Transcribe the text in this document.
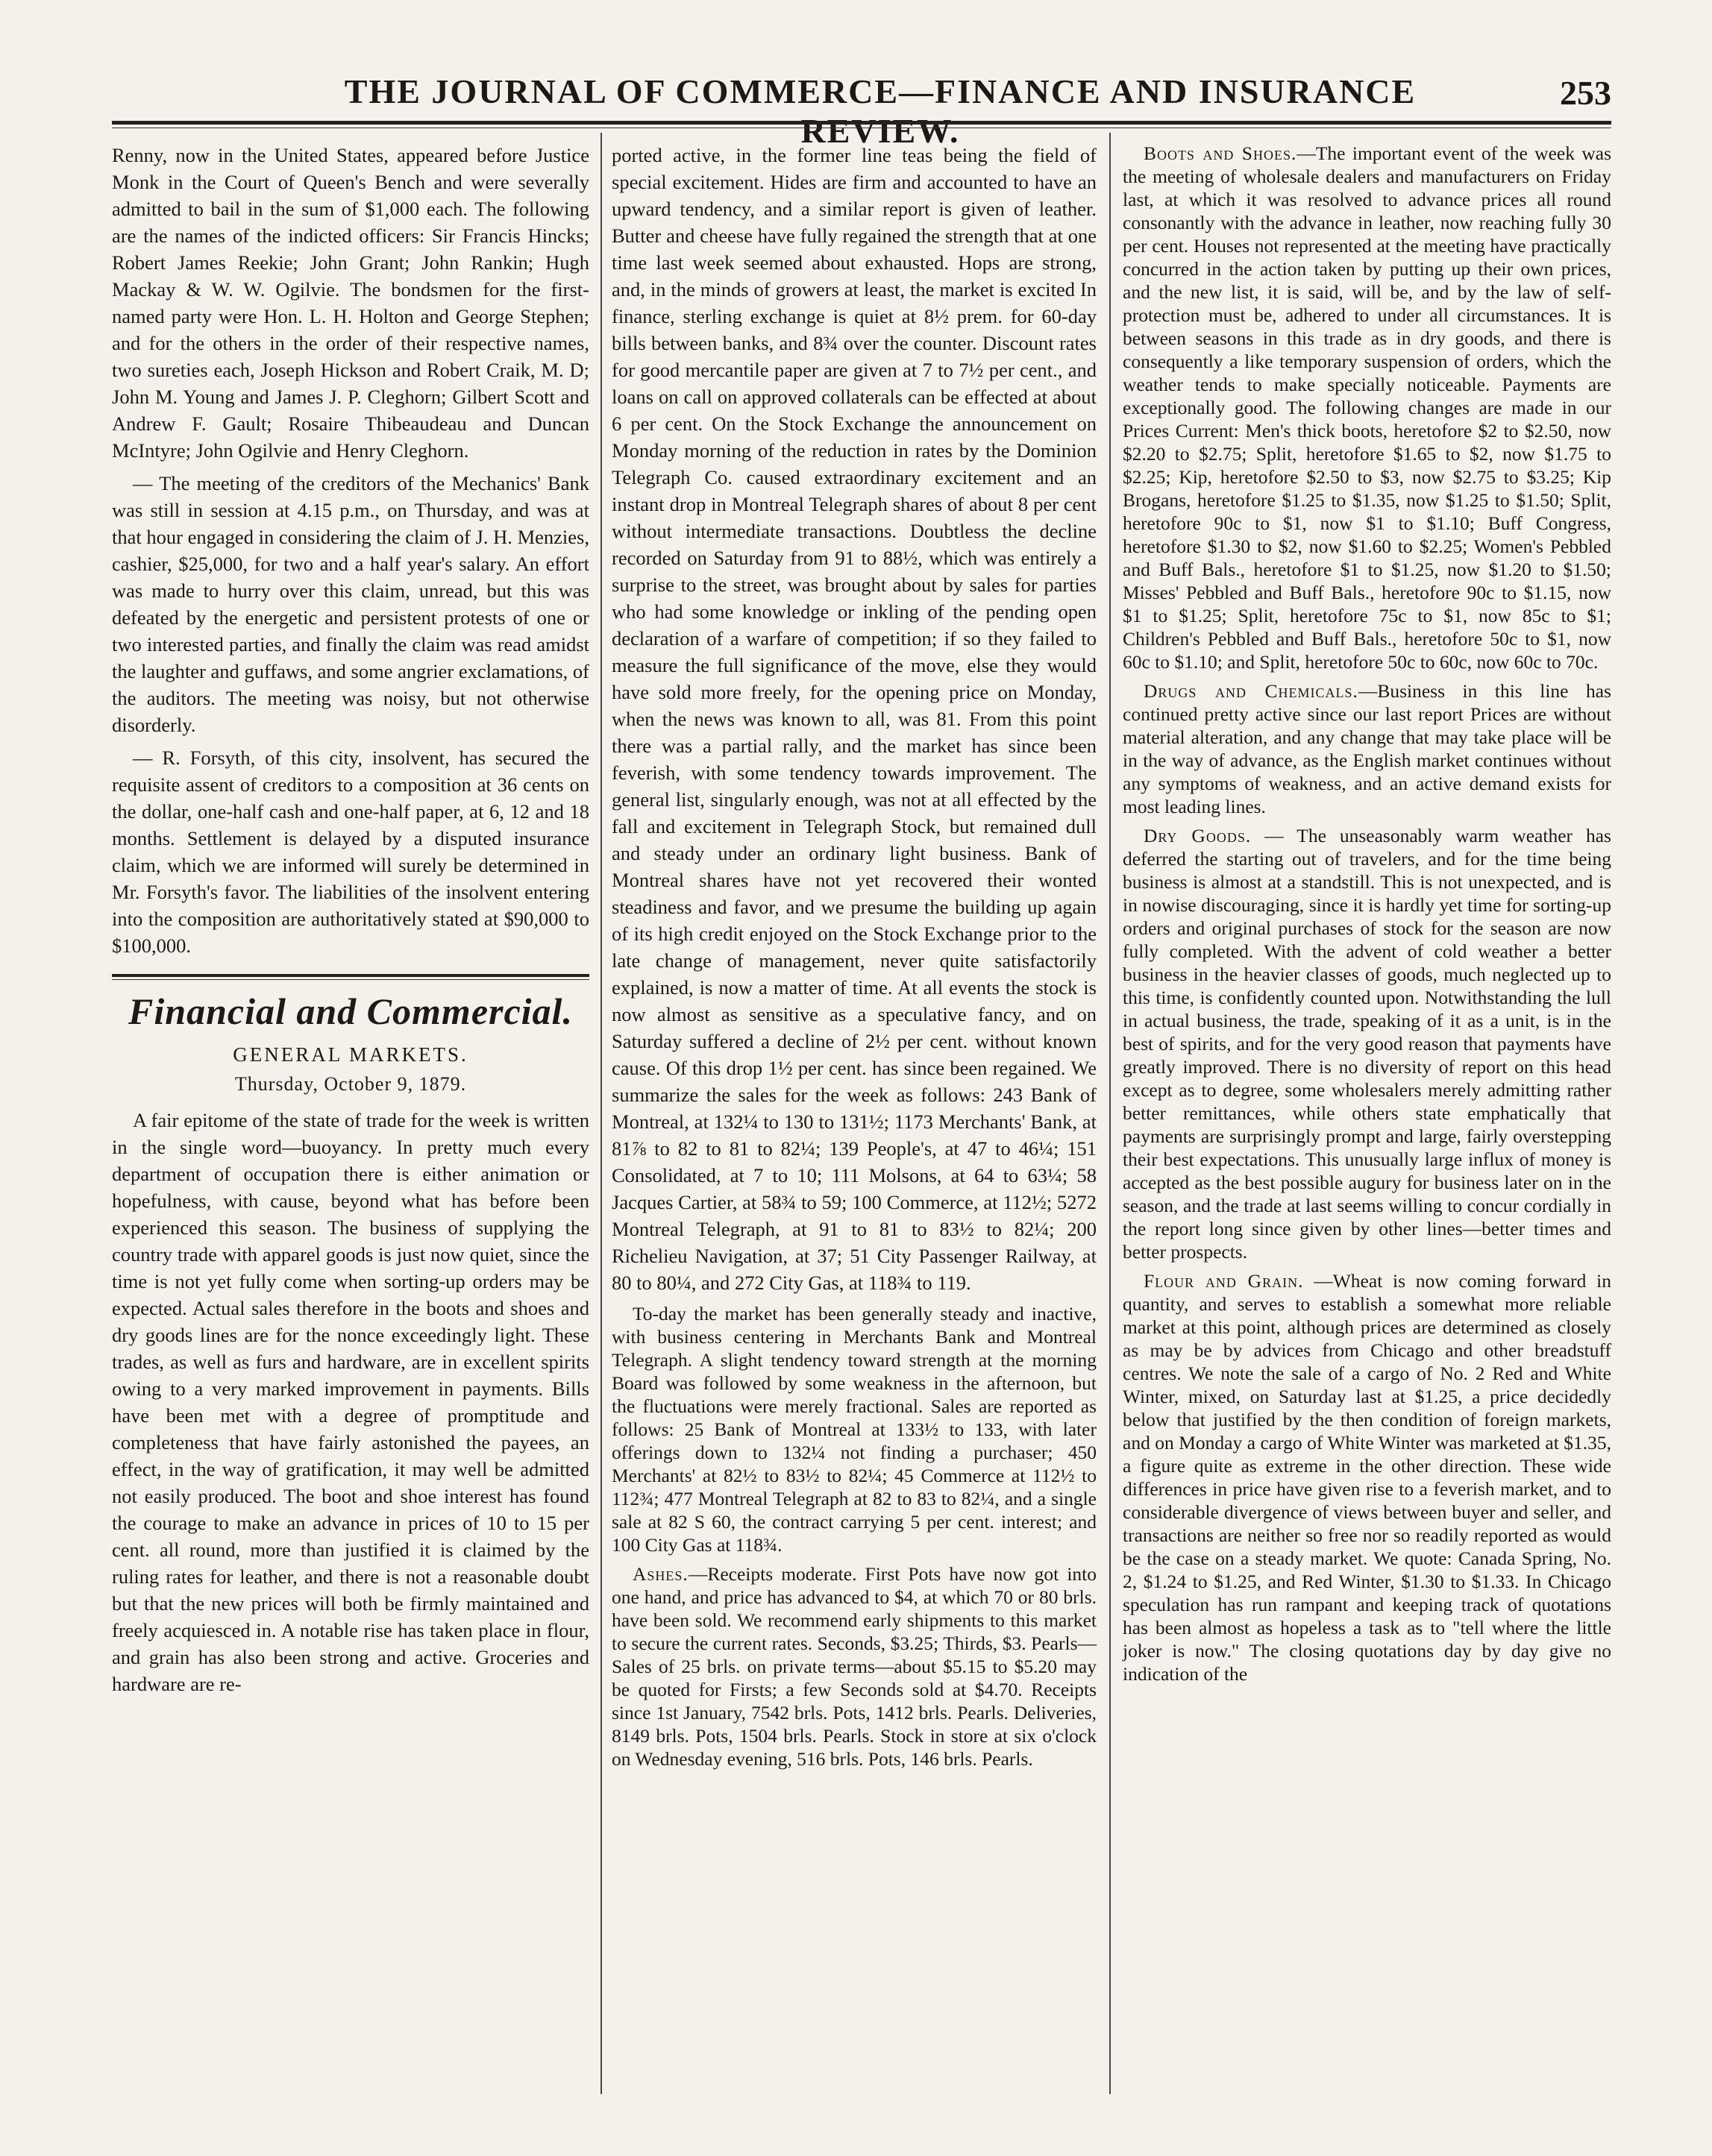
THE JOURNAL OF COMMERCE—FINANCE AND INSURANCE REVIEW.
253

Renny, now in the United States, appeared before Justice Monk in the Court of Queen's Bench and were severally admitted to bail in the sum of $1,000 each. The following are the names of the indicted officers: Sir Francis Hincks; Robert James Reekie; John Grant; John Rankin; Hugh Mackay & W. W. Ogilvie. The bondsmen for the first-named party were Hon. L. H. Holton and George Stephen; and for the others in the order of their respective names, two sureties each, Joseph Hickson and Robert Craik, M. D; John M. Young and James J. P. Cleghorn; Gilbert Scott and Andrew F. Gault; Rosaire Thibeaudeau and Duncan McIntyre; John Ogilvie and Henry Cleghorn.

— The meeting of the creditors of the Mechanics' Bank was still in session at 4.15 p.m., on Thursday, and was at that hour engaged in considering the claim of J. H. Menzies, cashier, $25,000, for two and a half year's salary. An effort was made to hurry over this claim, unread, but this was defeated by the energetic and persistent protests of one or two interested parties, and finally the claim was read amidst the laughter and guffaws, and some angrier exclamations, of the auditors. The meeting was noisy, but not otherwise disorderly.

— R. Forsyth, of this city, insolvent, has secured the requisite assent of creditors to a composition at 36 cents on the dollar, one-half cash and one-half paper, at 6, 12 and 18 months. Settlement is delayed by a disputed insurance claim, which we are informed will surely be determined in Mr. Forsyth's favor. The liabilities of the insolvent entering into the composition are authoritatively stated at $90,000 to $100,000.

Financial and Commercial.
GENERAL MARKETS.
Thursday, October 9, 1879.

A fair epitome of the state of trade for the week is written in the single word—buoyancy. In pretty much every department of occupation there is either animation or hopefulness, with cause, beyond what has before been experienced this season. The business of supplying the country trade with apparel goods is just now quiet, since the time is not yet fully come when sorting-up orders may be expected. Actual sales therefore in the boots and shoes and dry goods lines are for the nonce exceedingly light. These trades, as well as furs and hardware, are in excellent spirits owing to a very marked improvement in payments. Bills have been met with a degree of promptitude and completeness that have fairly astonished the payees, an effect, in the way of gratification, it may well be admitted not easily produced. The boot and shoe interest has found the courage to make an advance in prices of 10 to 15 per cent. all round, more than justified it is claimed by the ruling rates for leather, and there is not a reasonable doubt but that the new prices will both be firmly maintained and freely acquiesced in. A notable rise has taken place in flour, and grain has also been strong and active. Groceries and hardware are re-

ported active, in the former line teas being the field of special excitement. Hides are firm and accounted to have an upward tendency, and a similar report is given of leather. Butter and cheese have fully regained the strength that at one time last week seemed about exhausted. Hops are strong, and, in the minds of growers at least, the market is excited In finance, sterling exchange is quiet at 8½ prem. for 60-day bills between banks, and 8¾ over the counter. Discount rates for good mercantile paper are given at 7 to 7½ per cent., and loans on call on approved collaterals can be effected at about 6 per cent. On the Stock Exchange the announcement on Monday morning of the reduction in rates by the Dominion Telegraph Co. caused extraordinary excitement and an instant drop in Montreal Telegraph shares of about 8 per cent without intermediate transactions. Doubtless the decline recorded on Saturday from 91 to 88½, which was entirely a surprise to the street, was brought about by sales for parties who had some knowledge or inkling of the pending open declaration of a warfare of competition; if so they failed to measure the full significance of the move, else they would have sold more freely, for the opening price on Monday, when the news was known to all, was 81. From this point there was a partial rally, and the market has since been feverish, with some tendency towards improvement. The general list, singularly enough, was not at all effected by the fall and excitement in Telegraph Stock, but remained dull and steady under an ordinary light business. Bank of Montreal shares have not yet recovered their wonted steadiness and favor, and we presume the building up again of its high credit enjoyed on the Stock Exchange prior to the late change of management, never quite satisfactorily explained, is now a matter of time. At all events the stock is now almost as sensitive as a speculative fancy, and on Saturday suffered a decline of 2½ per cent. without known cause. Of this drop 1½ per cent. has since been regained. We summarize the sales for the week as follows: 243 Bank of Montreal, at 132¼ to 130 to 131½; 1173 Merchants' Bank, at 81⅞ to 82 to 81 to 82¼; 139 People's, at 47 to 46¼; 151 Consolidated, at 7 to 10; 111 Molsons, at 64 to 63¼; 58 Jacques Cartier, at 58¾ to 59; 100 Commerce, at 112½; 5272 Montreal Telegraph, at 91 to 81 to 83½ to 82¼; 200 Richelieu Navigation, at 37; 51 City Passenger Railway, at 80 to 80¼, and 272 City Gas, at 118¾ to 119.

To-day the market has been generally steady and inactive, with business centering in Merchants Bank and Montreal Telegraph. A slight tendency toward strength at the morning Board was followed by some weakness in the afternoon, but the fluctuations were merely fractional. Sales are reported as follows: 25 Bank of Montreal at 133½ to 133, with later offerings down to 132¼ not finding a purchaser; 450 Merchants' at 82½ to 83½ to 82¼; 45 Commerce at 112½ to 112¾; 477 Montreal Telegraph at 82 to 83 to 82¼, and a single sale at 82 S 60, the contract carrying 5 per cent. interest; and 100 City Gas at 118¾.

Ashes.—Receipts moderate. First Pots have now got into one hand, and price has advanced to $4, at which 70 or 80 brls. have been sold. We recommend early shipments to this market to secure the current rates. Seconds, $3.25; Thirds, $3. Pearls—Sales of 25 brls. on private terms—about $5.15 to $5.20 may be quoted for Firsts; a few Seconds sold at $4.70. Receipts since 1st January, 7542 brls. Pots, 1412 brls. Pearls. Deliveries, 8149 brls. Pots, 1504 brls. Pearls. Stock in store at six o'clock on Wednesday evening, 516 brls. Pots, 146 brls. Pearls.

Boots and Shoes.—The important event of the week was the meeting of wholesale dealers and manufacturers on Friday last, at which it was resolved to advance prices all round consonantly with the advance in leather, now reaching fully 30 per cent. Houses not represented at the meeting have practically concurred in the action taken by putting up their own prices, and the new list, it is said, will be, and by the law of self-protection must be, adhered to under all circumstances. It is between seasons in this trade as in dry goods, and there is consequently a like temporary suspension of orders, which the weather tends to make specially noticeable. Payments are exceptionally good. The following changes are made in our Prices Current: Men's thick boots, heretofore $2 to $2.50, now $2.20 to $2.75; Split, heretofore $1.65 to $2, now $1.75 to $2.25; Kip, heretofore $2.50 to $3, now $2.75 to $3.25; Kip Brogans, heretofore $1.25 to $1.35, now $1.25 to $1.50; Split, heretofore 90c to $1, now $1 to $1.10; Buff Congress, heretofore $1.30 to $2, now $1.60 to $2.25; Women's Pebbled and Buff Bals., heretofore $1 to $1.25, now $1.20 to $1.50; Misses' Pebbled and Buff Bals., heretofore 90c to $1.15, now $1 to $1.25; Split, heretofore 75c to $1, now 85c to $1; Children's Pebbled and Buff Bals., heretofore 50c to $1, now 60c to $1.10; and Split, heretofore 50c to 60c, now 60c to 70c.

Drugs and Chemicals.—Business in this line has continued pretty active since our last report Prices are without material alteration, and any change that may take place will be in the way of advance, as the English market continues without any symptoms of weakness, and an active demand exists for most leading lines.

Dry Goods. — The unseasonably warm weather has deferred the starting out of travelers, and for the time being business is almost at a standstill. This is not unexpected, and is in nowise discouraging, since it is hardly yet time for sorting-up orders and original purchases of stock for the season are now fully completed. With the advent of cold weather a better business in the heavier classes of goods, much neglected up to this time, is confidently counted upon. Notwithstanding the lull in actual business, the trade, speaking of it as a unit, is in the best of spirits, and for the very good reason that payments have greatly improved. There is no diversity of report on this head except as to degree, some wholesalers merely admitting rather better remittances, while others state emphatically that payments are surprisingly prompt and large, fairly overstepping their best expectations. This unusually large influx of money is accepted as the best possible augury for business later on in the season, and the trade at last seems willing to concur cordially in the report long since given by other lines—better times and better prospects.

Flour and Grain. —Wheat is now coming forward in quantity, and serves to establish a somewhat more reliable market at this point, although prices are determined as closely as may be by advices from Chicago and other breadstuff centres. We note the sale of a cargo of No. 2 Red and White Winter, mixed, on Saturday last at $1.25, a price decidedly below that justified by the then condition of foreign markets, and on Monday a cargo of White Winter was marketed at $1.35, a figure quite as extreme in the other direction. These wide differences in price have given rise to a feverish market, and to considerable divergence of views between buyer and seller, and transactions are neither so free nor so readily reported as would be the case on a steady market. We quote: Canada Spring, No. 2, $1.24 to $1.25, and Red Winter, $1.30 to $1.33. In Chicago speculation has run rampant and keeping track of quotations has been almost as hopeless a task as to "tell where the little joker is now." The closing quotations day by day give no indication of the
